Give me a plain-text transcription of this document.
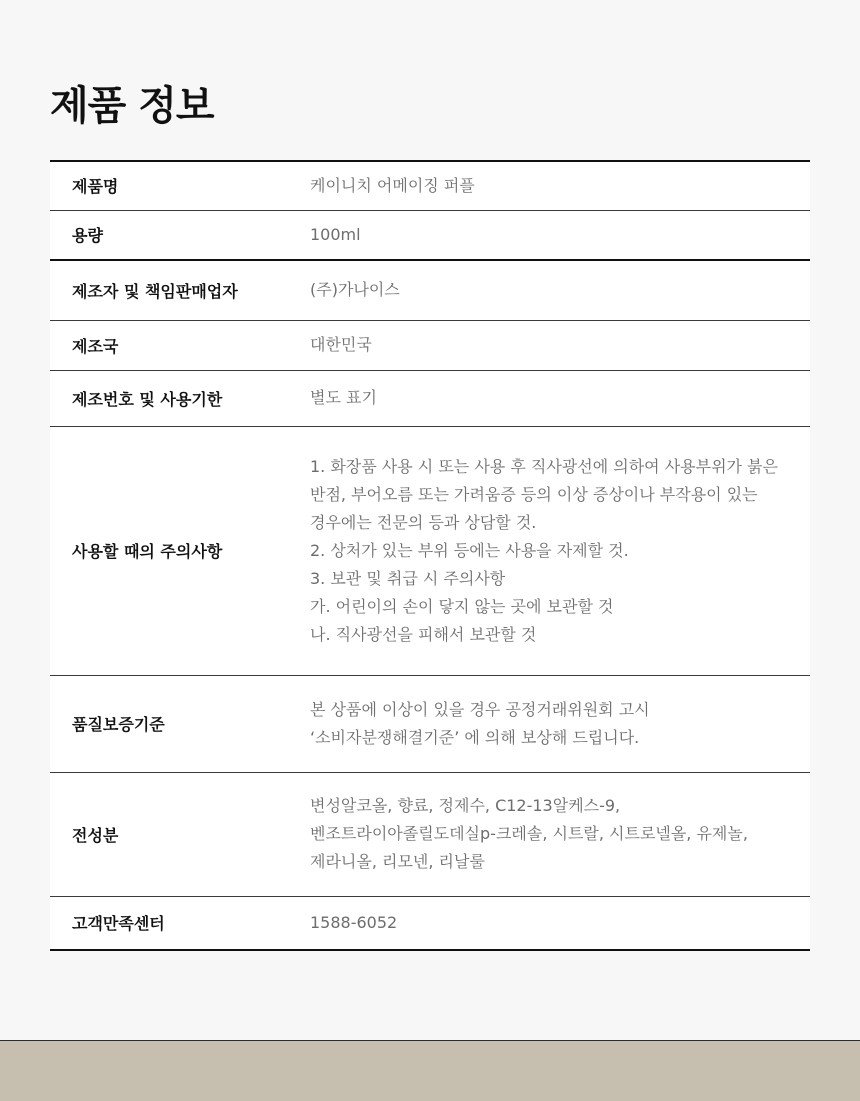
제품 정보
제품명	케이니치 어메이징 퍼플
용량	100ml
제조자 및 책임판매업자	(주)가나이스
제조국	대한민국
제조번호 및 사용기한	별도 표기
사용할 때의 주의사항	1. 화장품 사용 시 또는 사용 후 직사광선에 의하여 사용부위가 붉은 반점, 부어오름 또는 가려움증 등의 이상 증상이나 부작용이 있는 경우에는 전문의 등과 상담할 것.
2. 상처가 있는 부위 등에는 사용을 자제할 것.
3. 보관 및 취급 시 주의사항
가. 어린이의 손이 닿지 않는 곳에 보관할 것
나. 직사광선을 피해서 보관할 것
품질보증기준	본 상품에 이상이 있을 경우 공정거래위원회 고시 ‘소비자분쟁해결기준’ 에 의해 보상해 드립니다.
전성분	변성알코올, 향료, 정제수, C12-13알케스-9, 벤조트라이아졸릴도데실p-크레솔, 시트랄, 시트로넬올, 유제놀, 제라니올, 리모넨, 리날룰
고객만족센터	1588-6052
